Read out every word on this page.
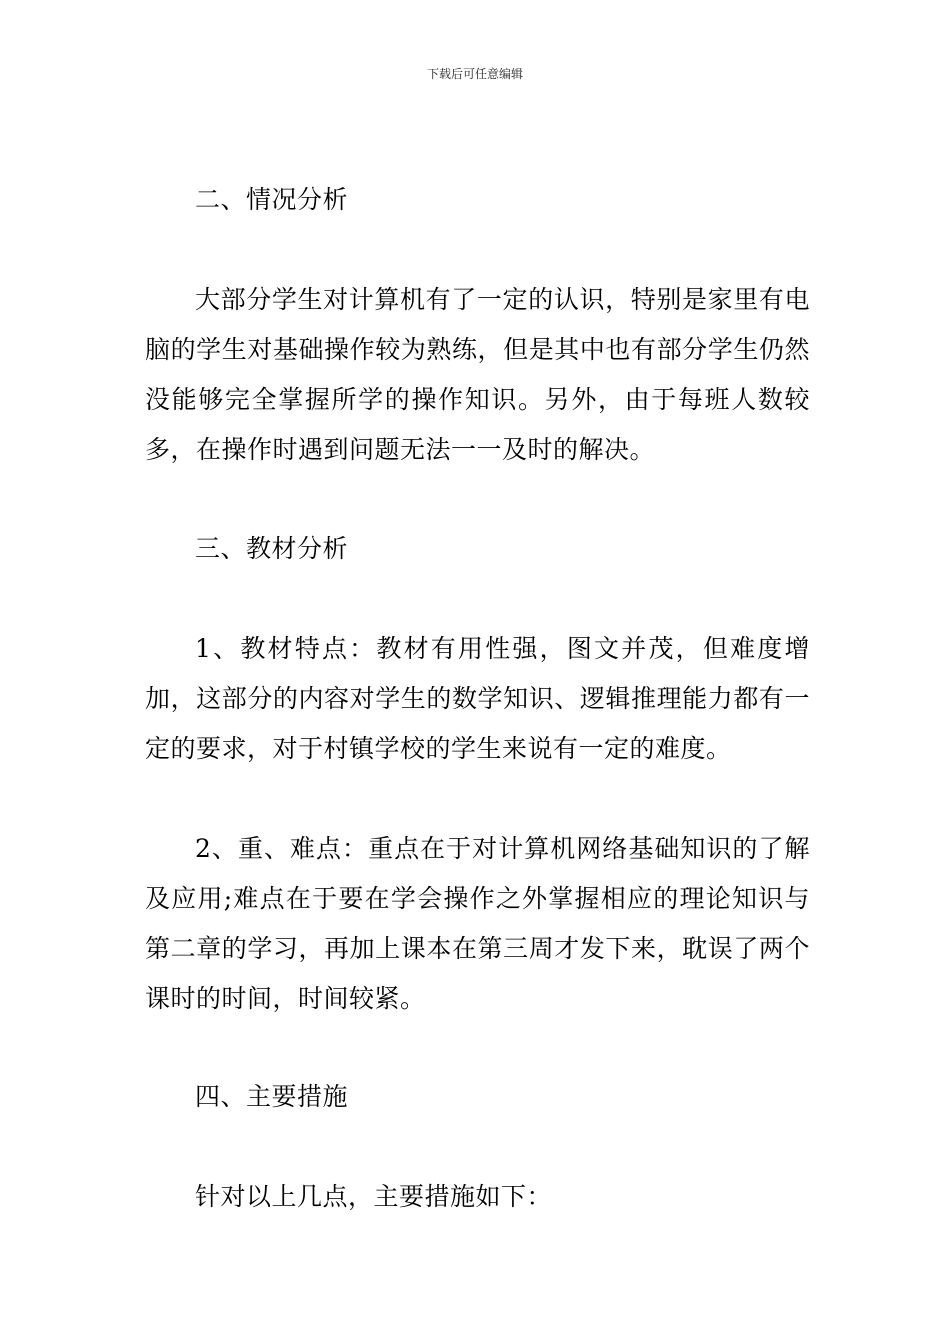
下载后可任意编辑

二、情况分析

大部分学生对计算机有了一定的认识，特别是家里有电脑的学生对基础操作较为熟练，但是其中也有部分学生仍然没能够完全掌握所学的操作知识。另外，由于每班人数较多，在操作时遇到问题无法一一及时的解决。

三、教材分析

1、教材特点：教材有用性强，图文并茂，但难度增加，这部分的内容对学生的数学知识、逻辑推理能力都有一定的要求，对于村镇学校的学生来说有一定的难度。

2、重、难点：重点在于对计算机网络基础知识的了解及应用;难点在于要在学会操作之外掌握相应的理论知识与第二章的学习，再加上课本在第三周才发下来，耽误了两个课时的时间，时间较紧。

四、主要措施

针对以上几点，主要措施如下：
